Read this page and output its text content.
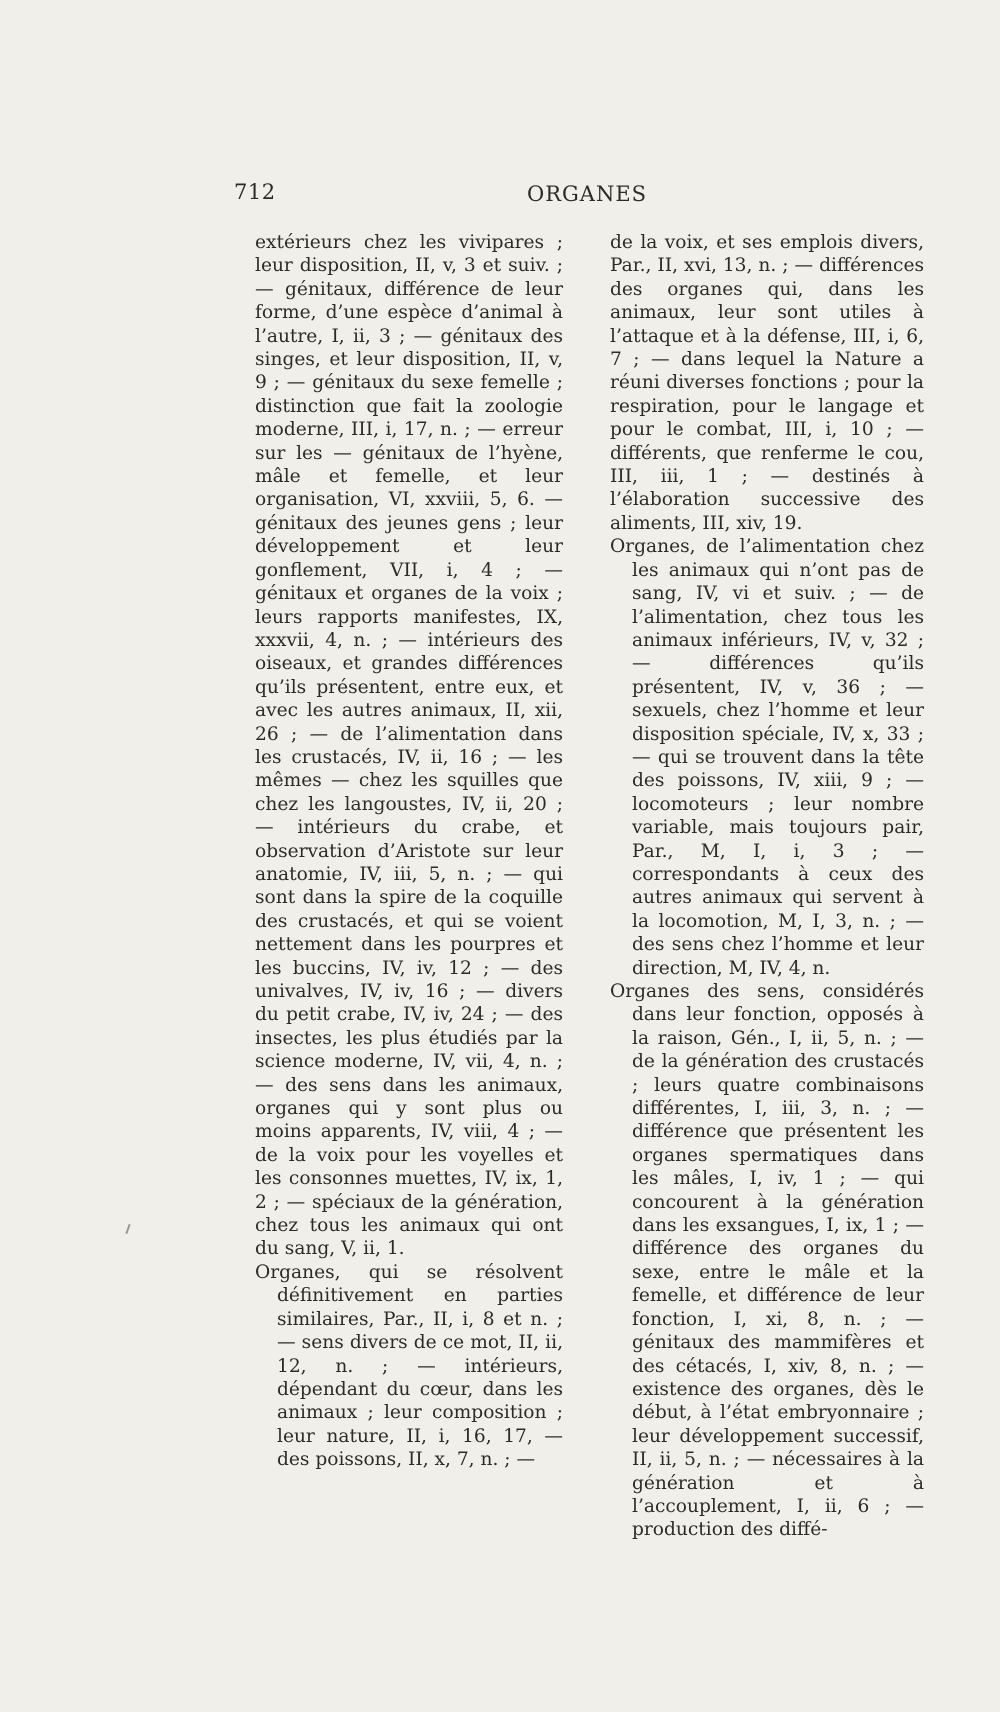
712	ORGANES

extérieurs chez les vivipares ; leur disposition, II, v, 3 et suiv. ; — génitaux, différence de leur forme, d’une espèce d’animal à l’autre, I, ii, 3 ; — génitaux des singes, et leur disposition, II, v, 9 ; — génitaux du sexe femelle ; distinction que fait la zoologie moderne, III, i, 17, n. ; — erreur sur les — génitaux de l’hyène, mâle et femelle, et leur organisation, VI, xxviii, 5, 6. — génitaux des jeunes gens ; leur développement et leur gonflement, VII, i, 4 ; — génitaux et organes de la voix ; leurs rapports manifestes, IX, xxxvii, 4, n. ; — intérieurs des oiseaux, et grandes différences qu’ils présentent, entre eux, et avec les autres animaux, II, xii, 26 ; — de l’alimentation dans les crustacés, IV, ii, 16 ; — les mêmes — chez les squilles que chez les langoustes, IV, ii, 20 ; — intérieurs du crabe, et observation d’Aristote sur leur anatomie, IV, iii, 5, n. ; — qui sont dans la spire de la coquille des crustacés, et qui se voient nettement dans les pourpres et les buccins, IV, iv, 12 ; — des univalves, IV, iv, 16 ; — divers du petit crabe, IV, iv, 24 ; — des insectes, les plus étudiés par la science moderne, IV, vii, 4, n. ; — des sens dans les animaux, organes qui y sont plus ou moins apparents, IV, viii, 4 ; — de la voix pour les voyelles et les consonnes muettes, IV, ix, 1, 2 ; — spéciaux de la génération, chez tous les animaux qui ont du sang, V, ii, 1.

Organes, qui se résolvent définitivement en parties similaires, Par., II, i, 8 et n. ; — sens divers de ce mot, II, ii, 12, n. ; — intérieurs, dépendant du cœur, dans les animaux ; leur composition ; leur nature, II, i, 16, 17, — des poissons, II, x, 7, n. ; —

de la voix, et ses emplois divers, Par., II, xvi, 13, n. ; — différences des organes qui, dans les animaux, leur sont utiles à l’attaque et à la défense, III, i, 6, 7 ; — dans lequel la Nature a réuni diverses fonctions ; pour la respiration, pour le langage et pour le combat, III, i, 10 ; — différents, que renferme le cou, III, iii, 1 ; — destinés à l’élaboration successive des aliments, III, xiv, 19.

Organes, de l’alimentation chez les animaux qui n’ont pas de sang, IV, vi et suiv. ; — de l’alimentation, chez tous les animaux inférieurs, IV, v, 32 ; — différences qu’ils présentent, IV, v, 36 ; — sexuels, chez l’homme et leur disposition spéciale, IV, x, 33 ; — qui se trouvent dans la tête des poissons, IV, xiii, 9 ; — locomoteurs ; leur nombre variable, mais toujours pair, Par., M, I, i, 3 ; — correspondants à ceux des autres animaux qui servent à la locomotion, M, I, 3, n. ; — des sens chez l’homme et leur direction, M, IV, 4, n.

Organes des sens, considérés dans leur fonction, opposés à la raison, Gén., I, ii, 5, n. ; — de la génération des crustacés ; leurs quatre combinaisons différentes, I, iii, 3, n. ; — différence que présentent les organes spermatiques dans les mâles, I, iv, 1 ; — qui concourent à la génération dans les exsangues, I, ix, 1 ; — différence des organes du sexe, entre le mâle et la femelle, et différence de leur fonction, I, xi, 8, n. ; — génitaux des mammifères et des cétacés, I, xiv, 8, n. ; — existence des organes, dès le début, à l’état embryonnaire ; leur développement successif, II, ii, 5, n. ; — nécessaires à la génération et à l’accouplement, I, ii, 6 ; — production des diffé-
